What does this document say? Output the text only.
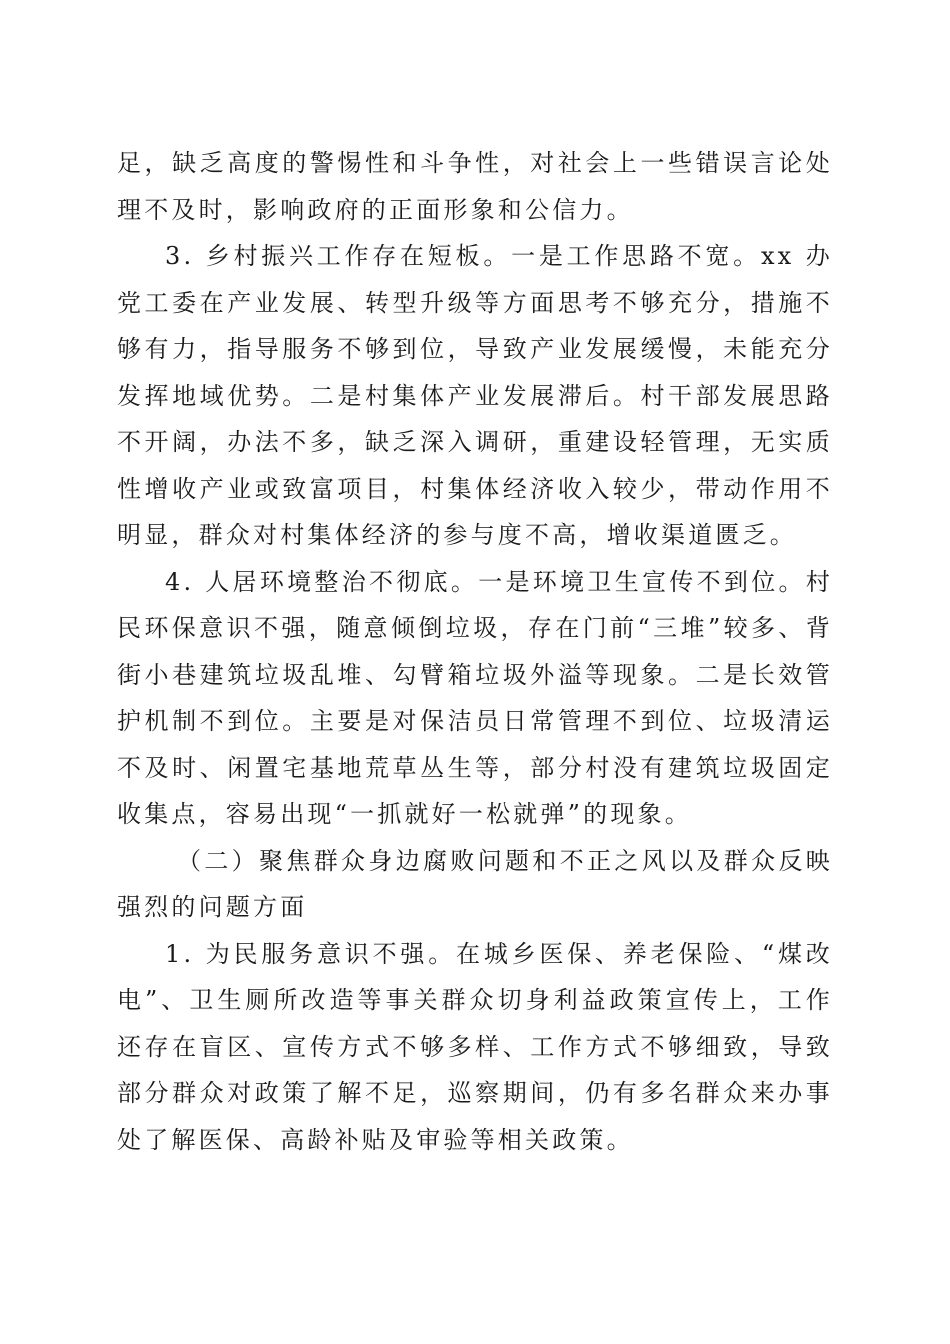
足，缺乏高度的警惕性和斗争性，对社会上一些错误言论处理不及时，影响政府的正面形象和公信力。

3. 乡村振兴工作存在短板。一是工作思路不宽。xx 办党工委在产业发展、转型升级等方面思考不够充分，措施不够有力，指导服务不够到位，导致产业发展缓慢，未能充分发挥地域优势。二是村集体产业发展滞后。村干部发展思路不开阔，办法不多，缺乏深入调研，重建设轻管理，无实质性增收产业或致富项目，村集体经济收入较少，带动作用不明显，群众对村集体经济的参与度不高，增收渠道匮乏。

4. 人居环境整治不彻底。一是环境卫生宣传不到位。村民环保意识不强，随意倾倒垃圾，存在门前“三堆”较多、背街小巷建筑垃圾乱堆、勾臂箱垃圾外溢等现象。二是长效管护机制不到位。主要是对保洁员日常管理不到位、垃圾清运不及时、闲置宅基地荒草丛生等，部分村没有建筑垃圾固定收集点，容易出现“一抓就好一松就弹”的现象。

（二）聚焦群众身边腐败问题和不正之风以及群众反映强烈的问题方面

1. 为民服务意识不强。在城乡医保、养老保险、“煤改电”、卫生厕所改造等事关群众切身利益政策宣传上，工作还存在盲区、宣传方式不够多样、工作方式不够细致，导致部分群众对政策了解不足，巡察期间，仍有多名群众来办事处了解医保、高龄补贴及审验等相关政策。
